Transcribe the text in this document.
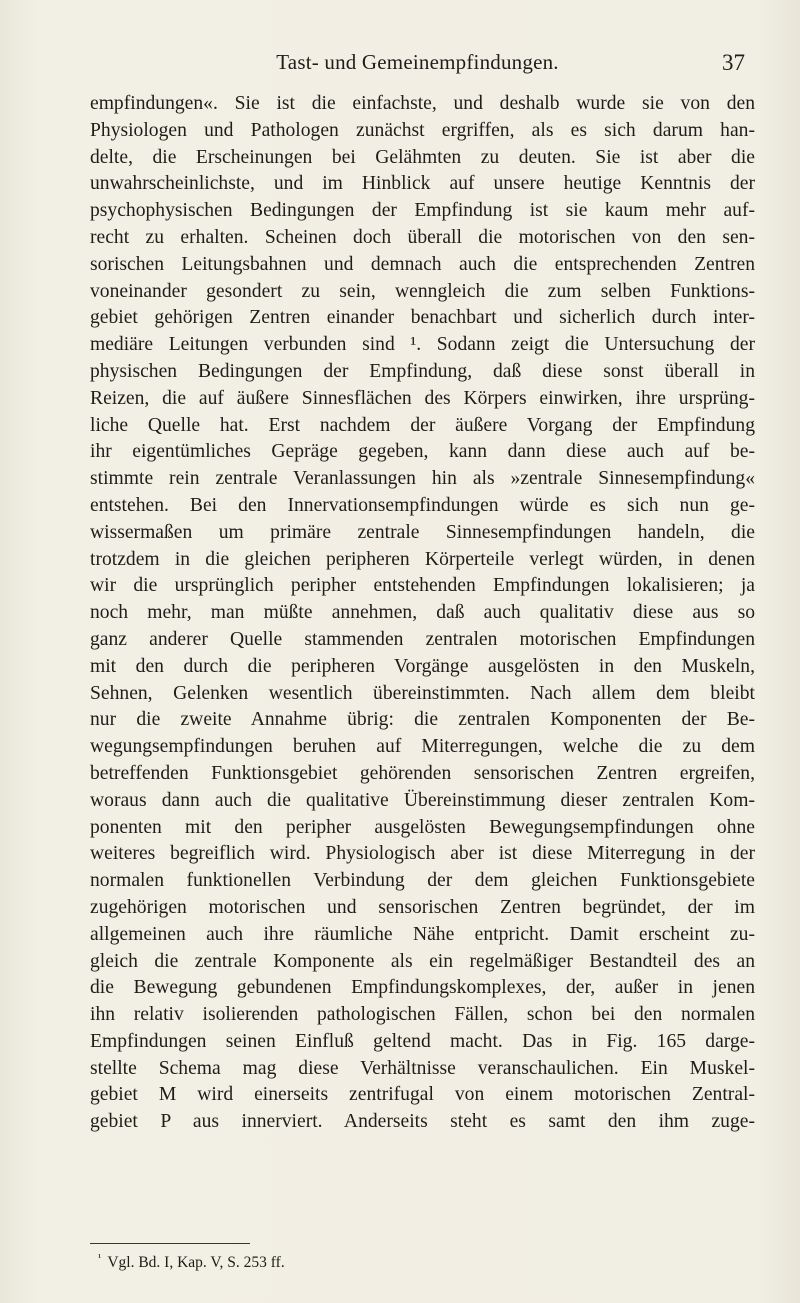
Tast- und Gemeinempfindungen.	37
empfindungen«. Sie ist die einfachste, und deshalb wurde sie von den
Physiologen und Pathologen zunächst ergriffen, als es sich darum han-
delte, die Erscheinungen bei Gelähmten zu deuten. Sie ist aber die
unwahrscheinlichste, und im Hinblick auf unsere heutige Kenntnis der
psychophysischen Bedingungen der Empfindung ist sie kaum mehr auf-
recht zu erhalten. Scheinen doch überall die motorischen von den sen-
sorischen Leitungsbahnen und demnach auch die entsprechenden Zentren
voneinander gesondert zu sein, wenngleich die zum selben Funktions-
gebiet gehörigen Zentren einander benachbart und sicherlich durch inter-
mediäre Leitungen verbunden sind ¹. Sodann zeigt die Untersuchung der
physischen Bedingungen der Empfindung, daß diese sonst überall in
Reizen, die auf äußere Sinnesflächen des Körpers einwirken, ihre ursprüng-
liche Quelle hat. Erst nachdem der äußere Vorgang der Empfindung
ihr eigentümliches Gepräge gegeben, kann dann diese auch auf be-
stimmte rein zentrale Veranlassungen hin als »zentrale Sinnesempfindung«
entstehen. Bei den Innervationsempfindungen würde es sich nun ge-
wissermaßen um primäre zentrale Sinnesempfindungen handeln, die
trotzdem in die gleichen peripheren Körperteile verlegt würden, in denen
wir die ursprünglich peripher entstehenden Empfindungen lokalisieren; ja
noch mehr, man müßte annehmen, daß auch qualitativ diese aus so
ganz anderer Quelle stammenden zentralen motorischen Empfindungen
mit den durch die peripheren Vorgänge ausgelösten in den Muskeln,
Sehnen, Gelenken wesentlich übereinstimmten. Nach allem dem bleibt
nur die zweite Annahme übrig: die zentralen Komponenten der Be-
wegungsempfindungen beruhen auf Miterregungen, welche die zu dem
betreffenden Funktionsgebiet gehörenden sensorischen Zentren ergreifen,
woraus dann auch die qualitative Übereinstimmung dieser zentralen Kom-
ponenten mit den peripher ausgelösten Bewegungsempfindungen ohne
weiteres begreiflich wird. Physiologisch aber ist diese Miterregung in der
normalen funktionellen Verbindung der dem gleichen Funktionsgebiete
zugehörigen motorischen und sensorischen Zentren begründet, der im
allgemeinen auch ihre räumliche Nähe entpricht. Damit erscheint zu-
gleich die zentrale Komponente als ein regelmäßiger Bestandteil des an
die Bewegung gebundenen Empfindungskomplexes, der, außer in jenen
ihn relativ isolierenden pathologischen Fällen, schon bei den normalen
Empfindungen seinen Einfluß geltend macht. Das in Fig. 165 darge-
stellte Schema mag diese Verhältnisse veranschaulichen. Ein Muskel-
gebiet M wird einerseits zentrifugal von einem motorischen Zentral-
gebiet P aus innerviert. Anderseits steht es samt den ihm zuge-
$^{^1}$ Vgl. Bd. I, Kap. V, S. 253 ff.
